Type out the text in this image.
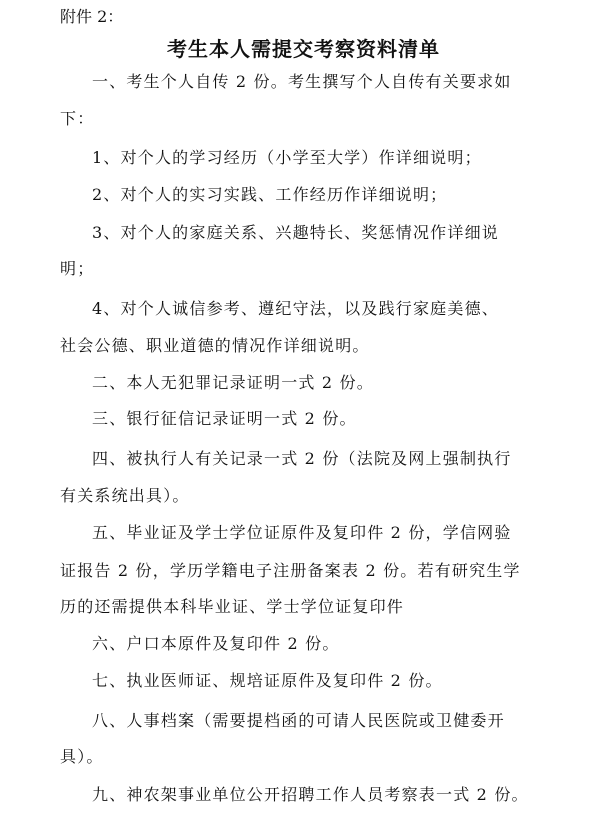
附件 2：
考生本人需提交考察资料清单
一、考生个人自传 2 份。考生撰写个人自传有关要求如
下：
1、对个人的学习经历（小学至大学）作详细说明；
2、对个人的实习实践、工作经历作详细说明；
3、对个人的家庭关系、兴趣特长、奖惩情况作详细说
明；
4、对个人诚信参考、遵纪守法，以及践行家庭美德、
社会公德、职业道德的情况作详细说明。
二、本人无犯罪记录证明一式 2 份。
三、银行征信记录证明一式 2 份。
四、被执行人有关记录一式 2 份（法院及网上强制执行
有关系统出具）。
五、毕业证及学士学位证原件及复印件 2 份，学信网验
证报告 2 份，学历学籍电子注册备案表 2 份。若有研究生学
历的还需提供本科毕业证、学士学位证复印件
六、户口本原件及复印件 2 份。
七、执业医师证、规培证原件及复印件 2 份。
八、人事档案（需要提档函的可请人民医院或卫健委开
具）。
九、神农架事业单位公开招聘工作人员考察表一式 2 份。
